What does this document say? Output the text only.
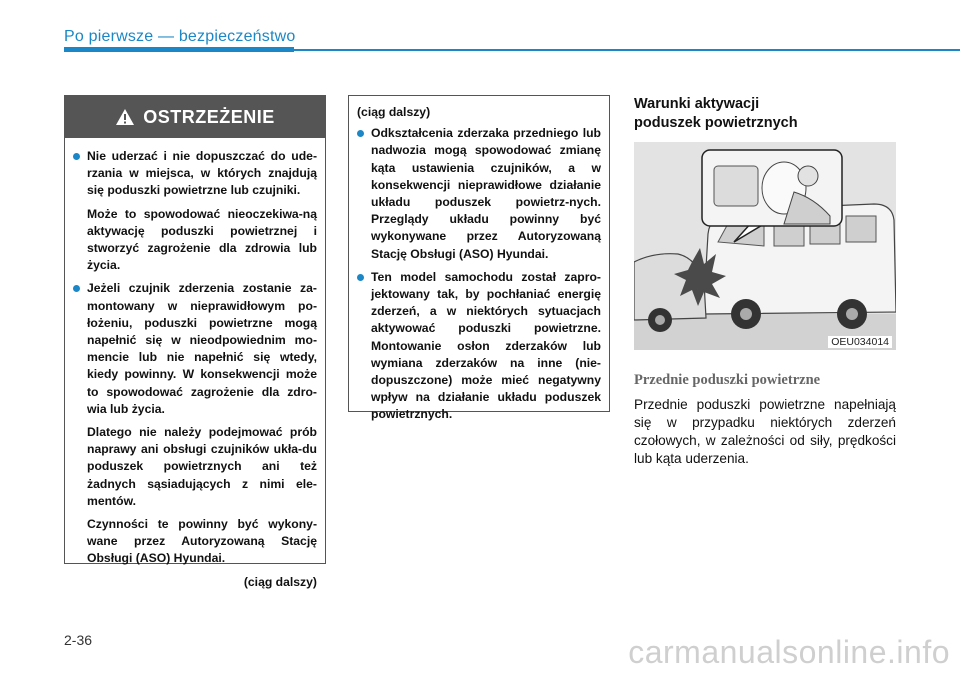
Po pierwsze — bezpieczeństwo
OSTRZEŻENIE
Nie uderzać i nie dopuszczać do ude-rzania w miejsca, w których znajdują się poduszki powietrzne lub czujniki.
Może to spowodować nieoczekiwa-ną aktywację poduszki powietrznej i stworzyć zagrożenie dla zdrowia lub życia.
Jeżeli czujnik zderzenia zostanie za-montowany w nieprawidłowym po-łożeniu, poduszki powietrzne mogą napełnić się w nieodpowiednim mo-mencie lub nie napełnić się wtedy, kiedy powinny. W konsekwencji może to spowodować zagrożenie dla zdro-wia lub życia.
Dlatego nie należy podejmować prób naprawy ani obsługi czujników ukła-du poduszek powietrznych ani też żadnych sąsiadujących z nimi ele-mentów.
Czynności te powinny być wykony-wane przez Autoryzowaną Stację Obsługi (ASO) Hyundai.
(ciąg dalszy)
(ciąg dalszy)
Odkształcenia zderzaka przedniego lub nadwozia mogą spowodować zmianę kąta ustawienia czujników, a w konsekwencji nieprawidłowe działanie układu poduszek powietrz-nych. Przeglądy układu powinny być wykonywane przez Autoryzowaną Stację Obsługi (ASO) Hyundai.
Ten model samochodu został zapro-jektowany tak, by pochłaniać energię zderzeń, a w niektórych sytuacjach aktywować poduszki powietrzne. Montowanie osłon zderzaków lub wymiana zderzaków na inne (nie-dopuszczone) może mieć negatywny wpływ na działanie układu poduszek powietrznych.
Warunki aktywacji
poduszek powietrznych
OEU034014
Przednie poduszki powietrzne
Przednie poduszki powietrzne napełniają się w przypadku niektórych zderzeń czołowych, w zależności od siły, prędkości lub kąta uderzenia.
2-36	carmanualsonline.info
